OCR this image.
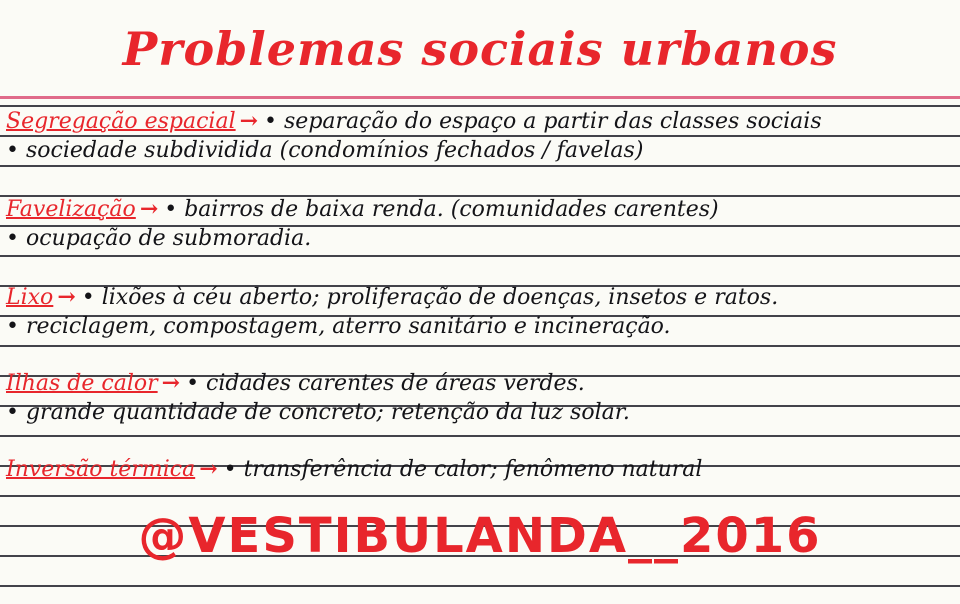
Problemas sociais urbanos
Segregação espacial → • separação do espaço a partir das classes sociais
• sociedade subdividida (condomínios fechados / favelas)
Favelização → • bairros de baixa renda. (comunidades carentes)
• ocupação de submoradia.
Lixo → • lixões à céu aberto; proliferação de doenças, insetos e ratos.
• reciclagem, compostagem, aterro sanitário e incineração.
Ilhas de calor → • cidades carentes de áreas verdes.
• grande quantidade de concreto; retenção da luz solar.
Inversão térmica → • transferência de calor; fenômeno natural
@VESTIBULANDA__2016
